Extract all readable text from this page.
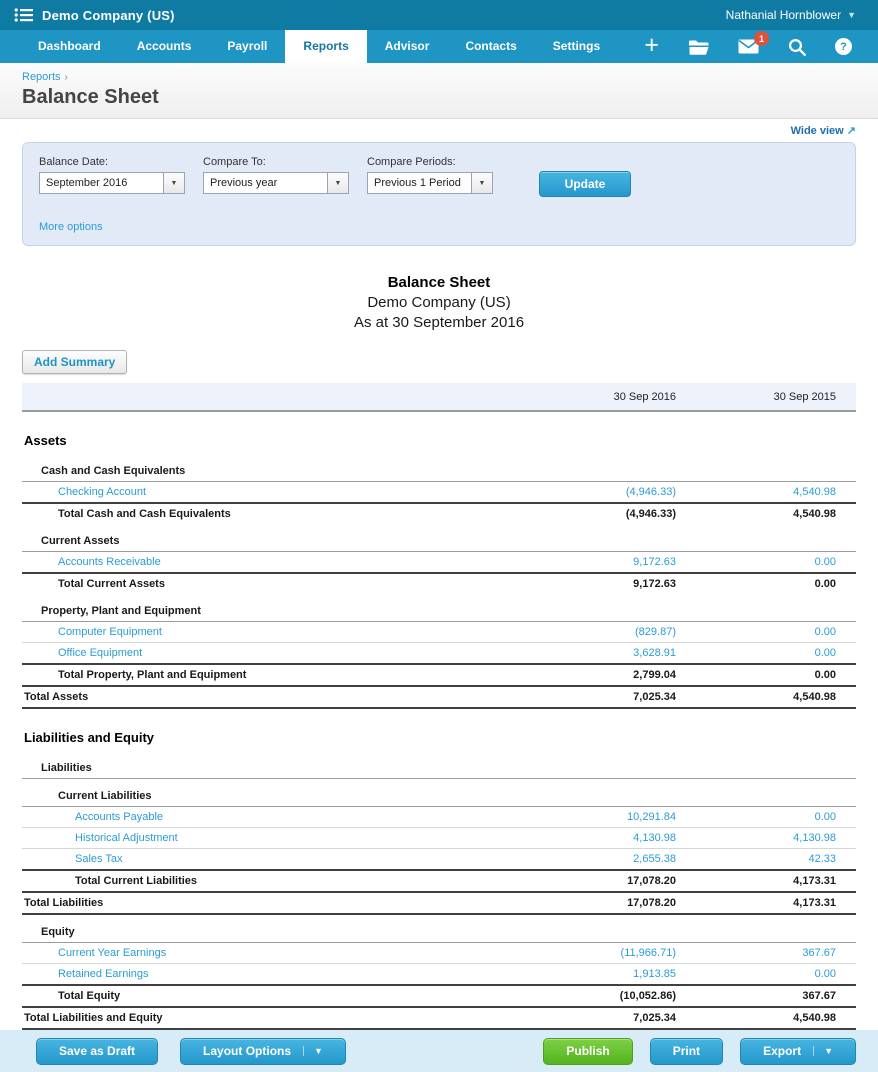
Demo Company (US)	Nathanial Hornblower ▼
Dashboard	Accounts	Payroll	Reports	Advisor	Contacts	Settings	+	1
?
Reports ›
Balance Sheet
Wide view ↗
Balance Date:
September 2016	▼
Compare To:
Previous year	▼
Compare Periods:
Previous 1 Period	▼	Update
More options
Balance Sheet
Demo Company (US)
As at 30 September 2016
Add Summary
	30 Sep 2016	30 Sep 2015
Assets		
Cash and Cash Equivalents		
Checking Account	(4,946.33)	4,540.98
Total Cash and Cash Equivalents	(4,946.33)	4,540.98
Current Assets		
Accounts Receivable	9,172.63	0.00
Total Current Assets	9,172.63	0.00
Property, Plant and Equipment		
Computer Equipment	(829.87)	0.00
Office Equipment	3,628.91	0.00
Total Property, Plant and Equipment	2,799.04	0.00
Total Assets	7,025.34	4,540.98
Liabilities and Equity		
Liabilities		
Current Liabilities		
Accounts Payable	10,291.84	0.00
Historical Adjustment	4,130.98	4,130.98
Sales Tax	2,655.38	42.33
Total Current Liabilities	17,078.20	4,173.31
Total Liabilities	17,078.20	4,173.31
Equity		
Current Year Earnings	(11,966.71)	367.67
Retained Earnings	1,913.85	0.00
Total Equity	(10,052.86)	367.67
Total Liabilities and Equity	7,025.34	4,540.98
Save as Draft	Layout Options	▼	Publish	Print	Export	▼
